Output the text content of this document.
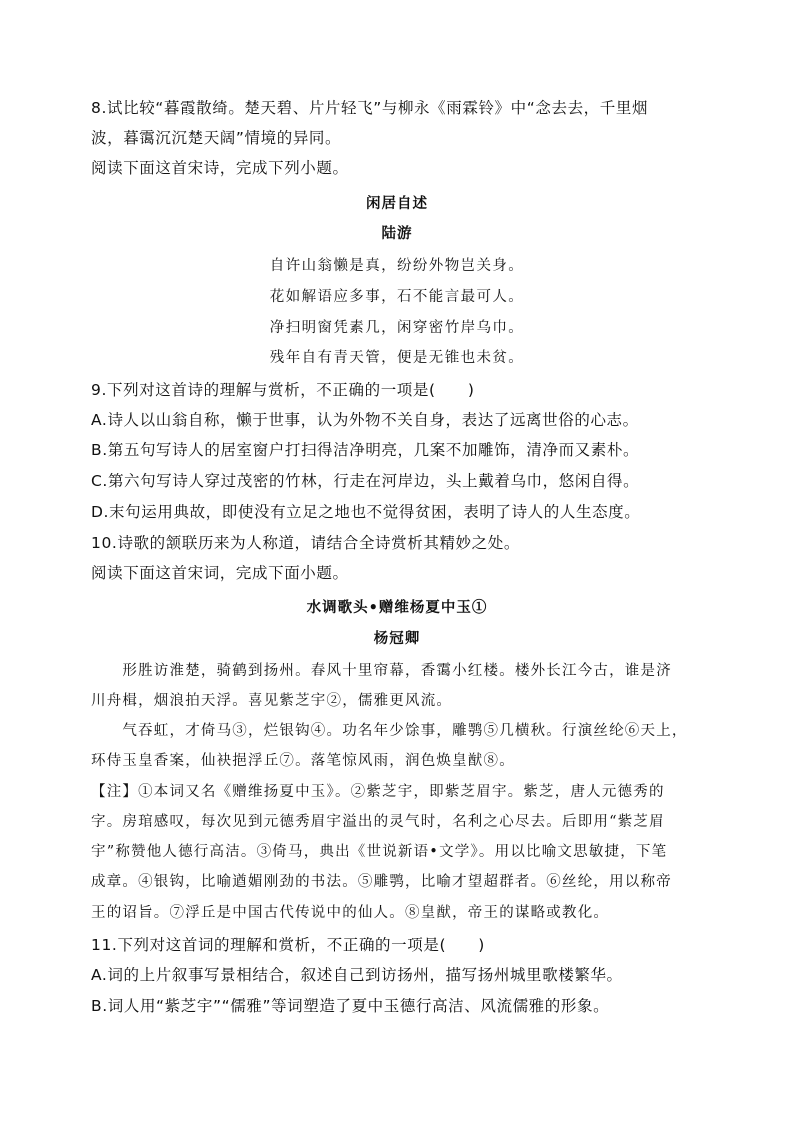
8.试比较“暮霞散绮。楚天碧、片片轻飞”与柳永《雨霖铃》中“念去去，千里烟
波，暮霭沉沉楚天阔”情境的异同。
阅读下面这首宋诗，完成下列小题。
闲居自述
陆游
自许山翁懒是真，纷纷外物岂关身。
花如解语应多事，石不能言最可人。
净扫明窗凭素几，闲穿密竹岸乌巾。
残年自有青天管，便是无锥也未贫。
9.下列对这首诗的理解与赏析，不正确的一项是(　　)
A.诗人以山翁自称，懒于世事，认为外物不关自身，表达了远离世俗的心志。
B.第五句写诗人的居室窗户打扫得洁净明亮，几案不加雕饰，清净而又素朴。
C.第六句写诗人穿过茂密的竹林，行走在河岸边，头上戴着乌巾，悠闲自得。
D.末句运用典故，即使没有立足之地也不觉得贫困，表明了诗人的人生态度。
10.诗歌的颔联历来为人称道，请结合全诗赏析其精妙之处。
阅读下面这首宋词，完成下面小题。
水调歌头•赠维杨夏中玉①
杨冠卿
　　形胜访淮楚，骑鹤到扬州。春风十里帘幕，香霭小红楼。楼外长江今古，谁是济
川舟楫，烟浪拍天浮。喜见紫芝宇②，儒雅更风流。
　　气吞虹，才倚马③，烂银钩④。功名年少馀事，雕鹗⑤几横秋。行演丝纶⑥天上，
环侍玉皇香案，仙袂挹浮丘⑦。落笔惊风雨，润色焕皇猷⑧。
【注】①本词又名《赠维扬夏中玉》。②紫芝宇，即紫芝眉宇。紫芝，唐人元德秀的
字。房琯感叹，每次见到元德秀眉宇溢出的灵气时，名利之心尽去。后即用“紫芝眉
宇”称赞他人德行高洁。③倚马，典出《世说新语•文学》。用以比喻文思敏捷，下笔
成章。④银钩，比喻遒媚刚劲的书法。⑤雕鹗，比喻才望超群者。⑥丝纶，用以称帝
王的诏旨。⑦浮丘是中国古代传说中的仙人。⑧皇猷，帝王的谋略或教化。
11.下列对这首词的理解和赏析，不正确的一项是(　　)
A.词的上片叙事写景相结合，叙述自己到访扬州，描写扬州城里歌楼繁华。
B.词人用“紫芝宇”“儒雅”等词塑造了夏中玉德行高洁、风流儒雅的形象。
